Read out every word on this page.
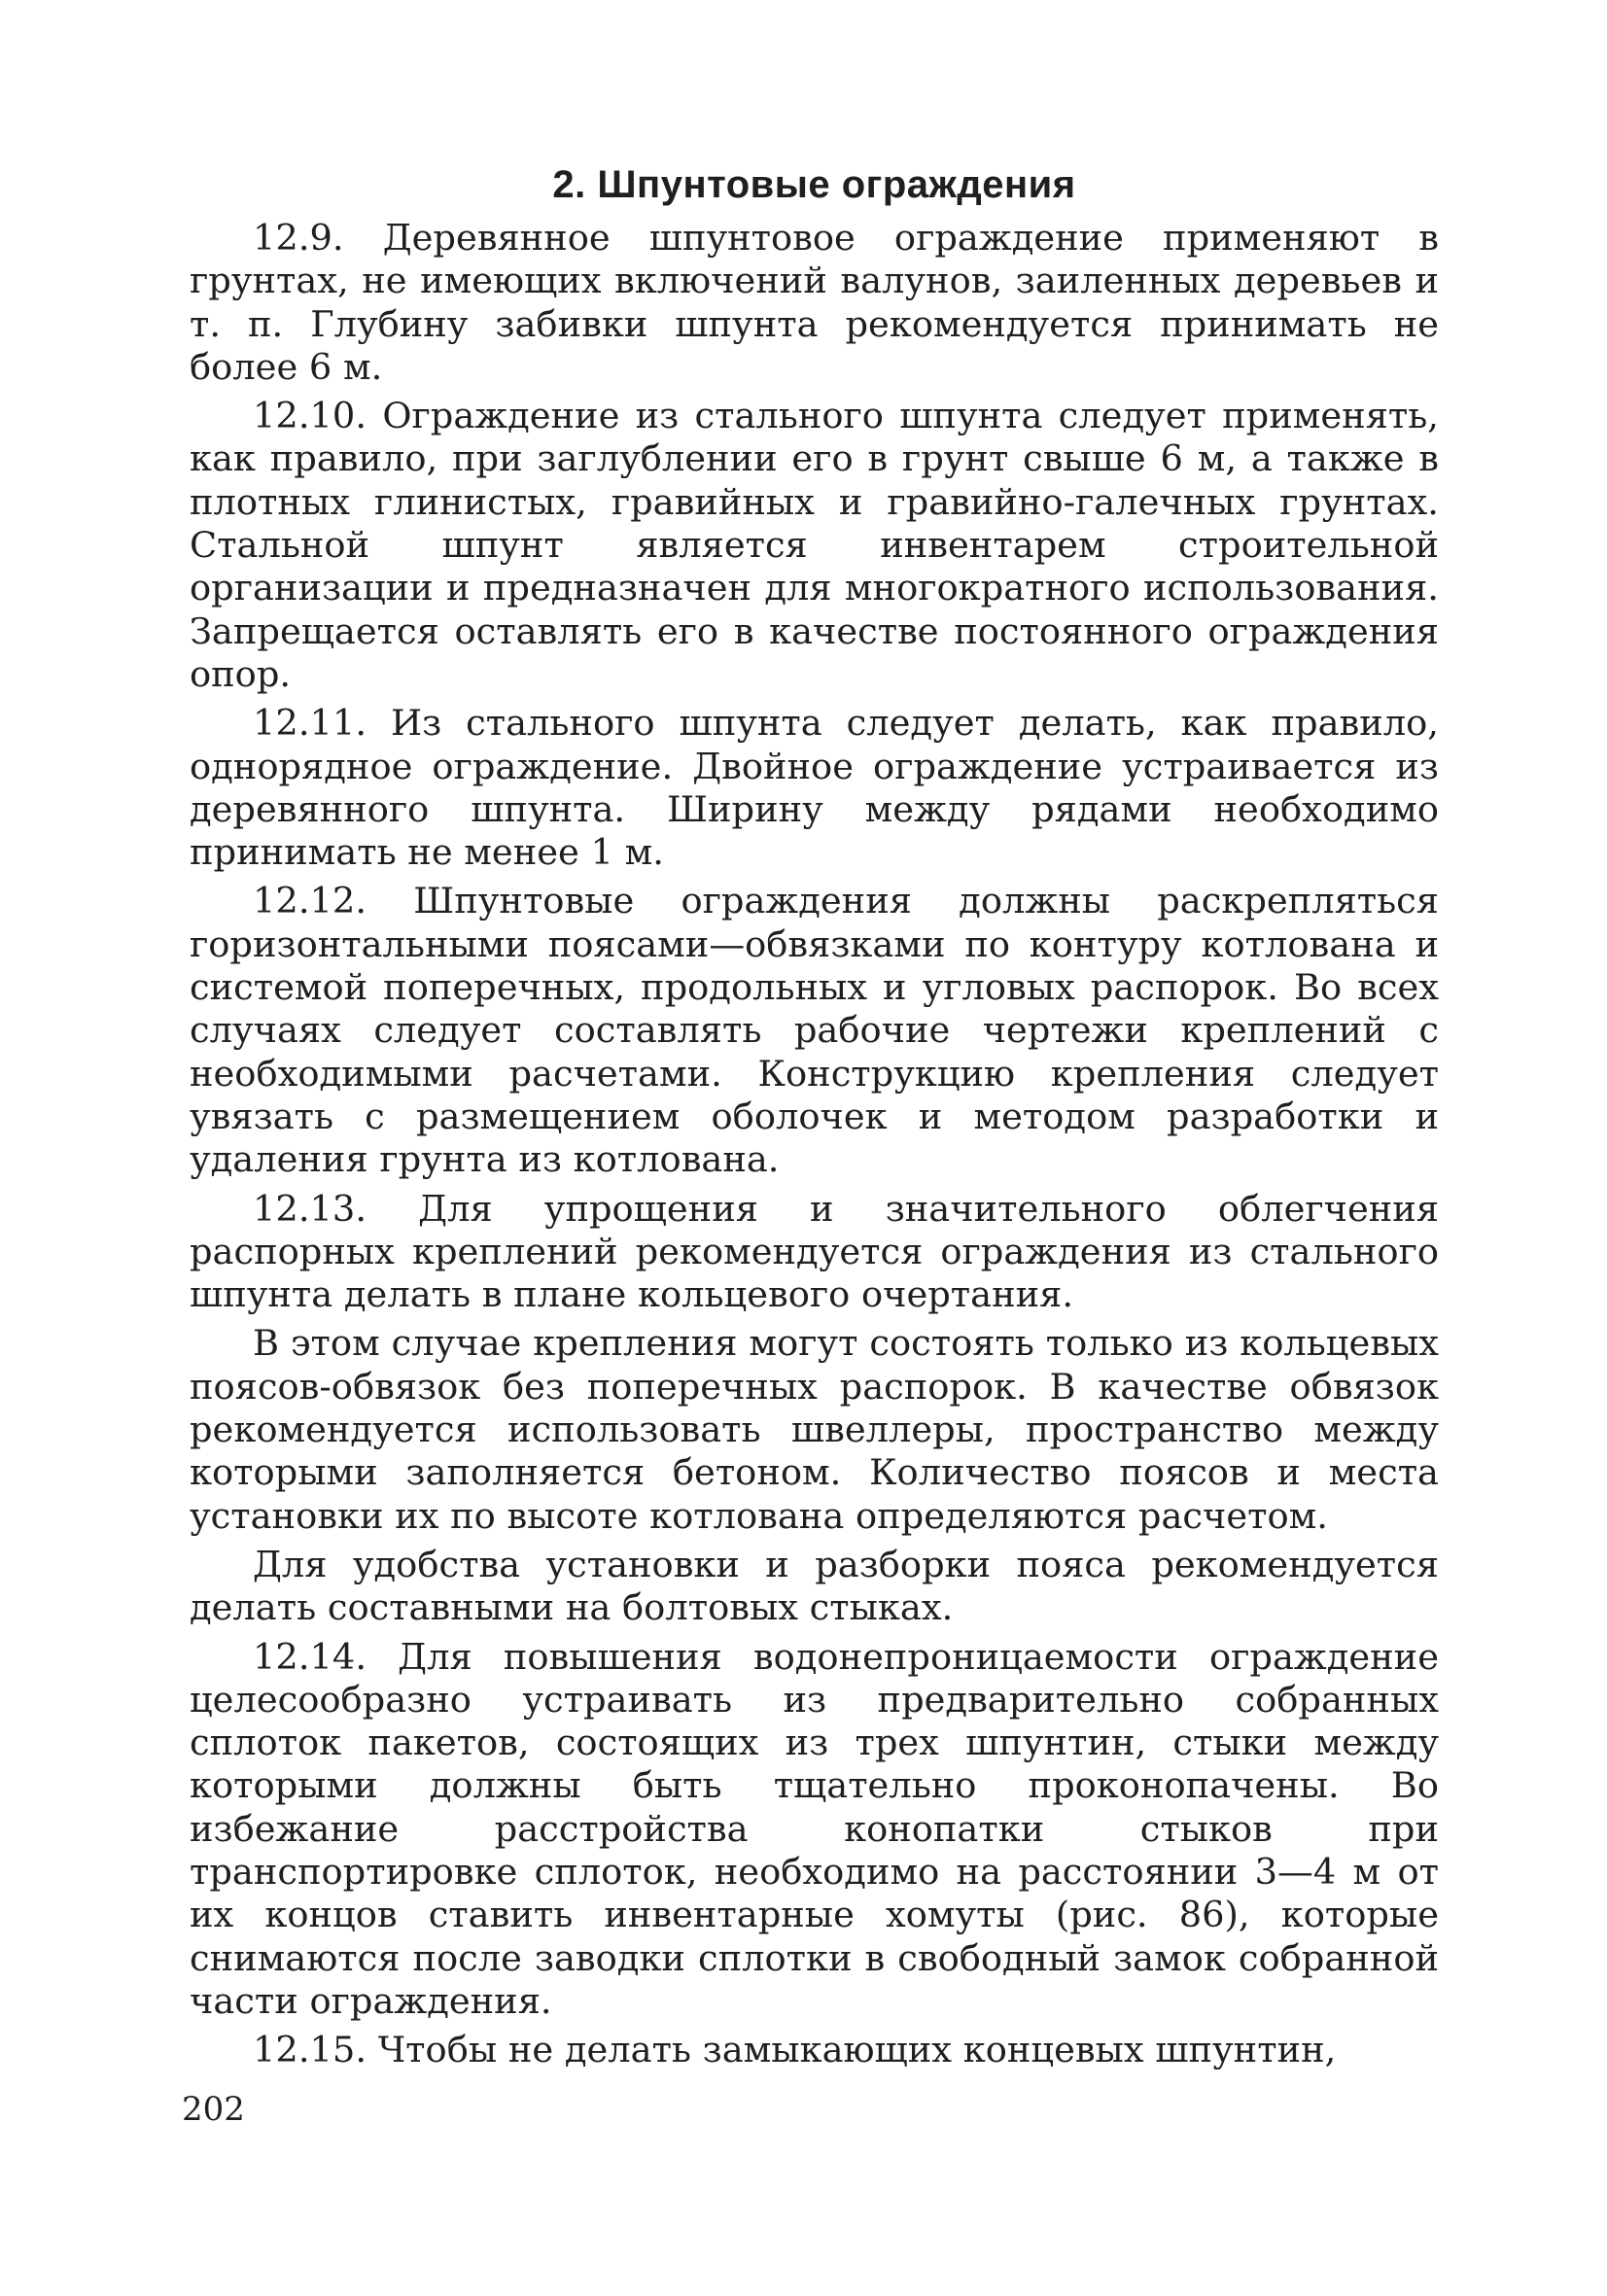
2. Шпунтовые ограждения

12.9. Деревянное шпунтовое ограждение применяют в грунтах, не имеющих включений валунов, заиленных деревьев и т. п. Глубину забивки шпунта рекомендуется принимать не более 6 м.

12.10. Ограждение из стального шпунта следует применять, как правило, при заглублении его в грунт свыше 6 м, а также в плотных глинистых, гравийных и гравийно-галечных грунтах. Стальной шпунт является инвентарем строительной организации и предназначен для многократного использования. Запрещается оставлять его в качестве постоянного ограждения опор.

12.11. Из стального шпунта следует делать, как правило, однорядное ограждение. Двойное ограждение устраивается из деревянного шпунта. Ширину между рядами необходимо принимать не менее 1 м.

12.12. Шпунтовые ограждения должны раскрепляться горизонтальными поясами—обвязками по контуру котлована и системой поперечных, продольных и угловых распорок. Во всех случаях следует составлять рабочие чертежи креплений с необходимыми расчетами. Конструкцию крепления следует увязать с размещением оболочек и методом разработки и удаления грунта из котлована.

12.13. Для упрощения и значительного облегчения распорных креплений рекомендуется ограждения из стального шпунта делать в плане кольцевого очертания.

В этом случае крепления могут состоять только из кольцевых поясов-обвязок без поперечных распорок. В качестве обвязок рекомендуется использовать швеллеры, пространство между которыми заполняется бетоном. Количество поясов и места установки их по высоте котлована определяются расчетом.

Для удобства установки и разборки пояса рекомендуется делать составными на болтовых стыках.

12.14. Для повышения водонепроницаемости ограждение целесообразно устраивать из предварительно собранных сплоток пакетов, состоящих из трех шпунтин, стыки между которыми должны быть тщательно проконопачены. Во избежание расстройства конопатки стыков при транспортировке сплоток, необходимо на расстоянии 3—4 м от их концов ставить инвентарные хомуты (рис. 86), которые снимаются после заводки сплотки в свободный замок собранной части ограждения.

12.15. Чтобы не делать замыкающих концевых шпунтин,

202
